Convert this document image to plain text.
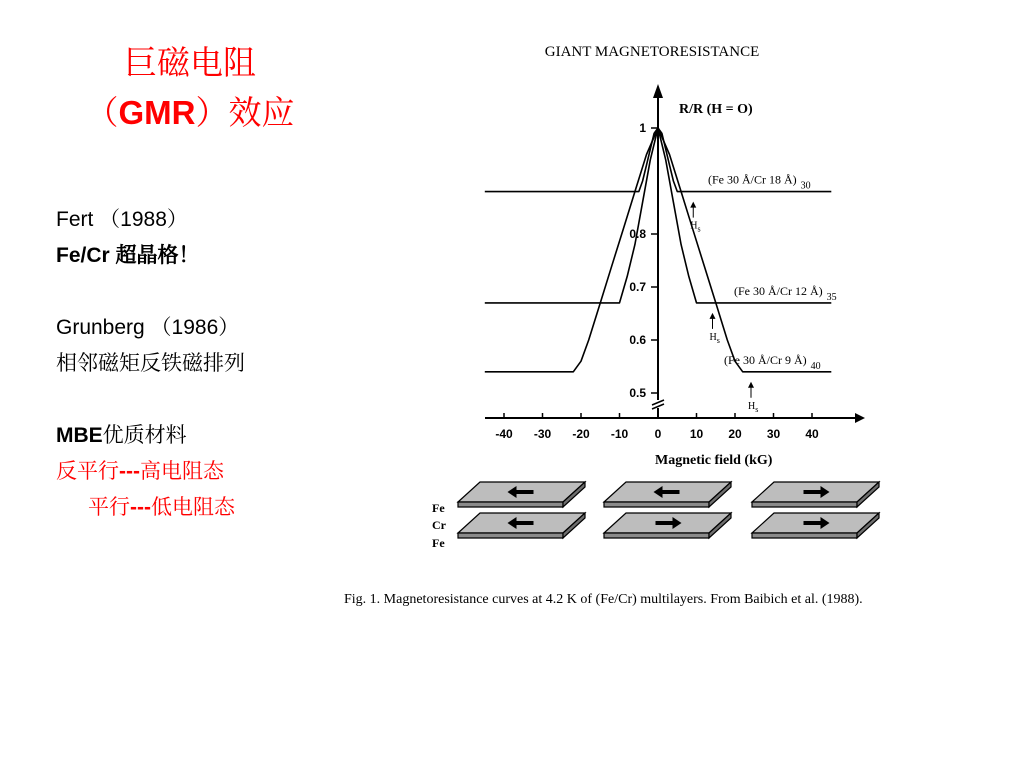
巨磁电阻
（GMR）效应
Fert （1988）
Fe/Cr 超晶格！
Grunberg （1986）
相邻磁矩反铁磁排列
MBE优质材料
反平行---高电阻态
平行---低电阻态
GIANT MAGNETORESISTANCE
R/R (H = O)
Magnetic field (kG)
-40 -30 -20 -10 0 10 20 30 40
1
0.8
0.7
0.6
0.5
(Fe 30 Å/Cr 18 Å) $_{30}$
$H_s$
(Fe 30 Å/Cr 12 Å) $_{35}$
$H_s$
(Fe 30 Å/Cr 9 Å) $_{40}$
$H_s$
Fe
Cr
Fe
Fig. 1. Magnetoresistance curves at 4.2 K of (Fe/Cr) multilayers. From Baibich et al. (1988).
